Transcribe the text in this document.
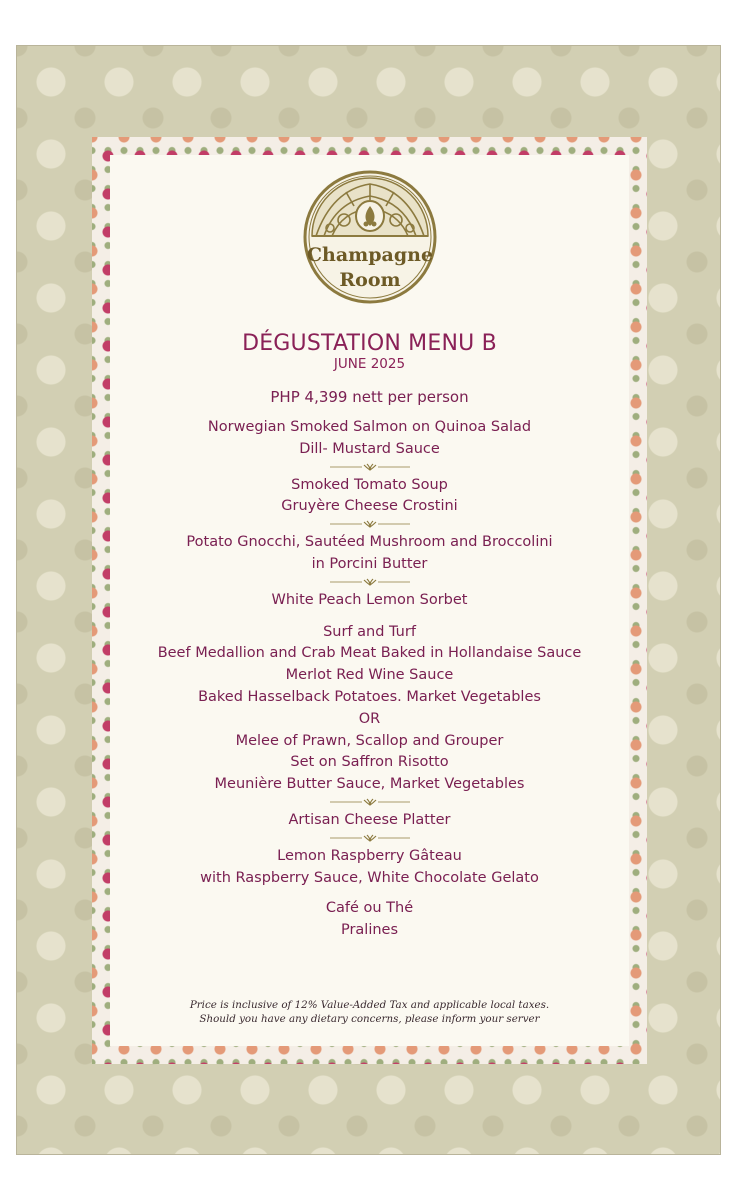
Champagne
Room
DÉGUSTATION MENU B
JUNE 2025
PHP 4,399 nett per person
Norwegian Smoked Salmon on Quinoa Salad
Dill- Mustard Sauce
Smoked Tomato Soup
Gruyère Cheese Crostini
Potato Gnocchi, Sautéed Mushroom and Broccolini
in Porcini Butter
White Peach Lemon Sorbet
Surf and Turf
Beef Medallion and Crab Meat Baked in Hollandaise Sauce
Merlot Red Wine Sauce
Baked Hasselback Potatoes. Market Vegetables
OR
Melee of Prawn, Scallop and Grouper
Set on Saffron Risotto
Meunière Butter Sauce, Market Vegetables
Artisan Cheese Platter
Lemon Raspberry Gâteau
with Raspberry Sauce, White Chocolate Gelato
Café ou Thé
Pralines
Price is inclusive of 12% Value-Added Tax and applicable local taxes.
Should you have any dietary concerns, please inform your server
